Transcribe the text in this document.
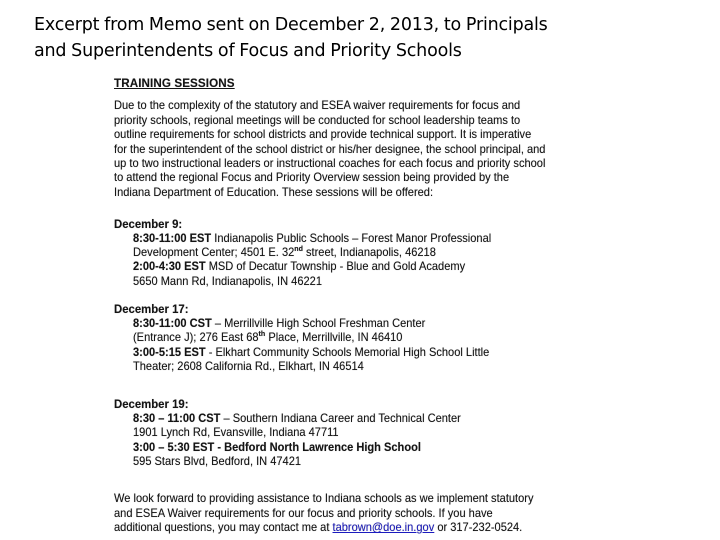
Excerpt from Memo sent on December 2, 2013, to Principals
and Superintendents of Focus and Priority Schools
TRAINING SESSIONS
Due to the complexity of the statutory and ESEA waiver requirements for focus and
priority schools, regional meetings will be conducted for school leadership teams to
outline requirements for school districts and provide technical support. It is imperative
for the superintendent of the school district or his/her designee, the school principal, and
up to two instructional leaders or instructional coaches for each focus and priority school
to attend the regional Focus and Priority Overview session being provided by the
Indiana Department of Education. These sessions will be offered:
December 9:
8:30-11:00 EST Indianapolis Public Schools – Forest Manor Professional
Development Center; 4501 E. 32nd street, Indianapolis, 46218
2:00-4:30 EST MSD of Decatur Township - Blue and Gold Academy
5650 Mann Rd, Indianapolis, IN 46221
December 17:
8:30-11:00 CST – Merrillville High School Freshman Center
(Entrance J); 276 East 68th Place, Merrillville, IN 46410
3:00-5:15 EST - Elkhart Community Schools Memorial High School Little
Theater; 2608 California Rd., Elkhart, IN 46514
December 19:
8:30 – 11:00 CST – Southern Indiana Career and Technical Center
1901 Lynch Rd, Evansville, Indiana 47711
3:00 – 5:30 EST - Bedford North Lawrence High School
595 Stars Blvd, Bedford, IN 47421
We look forward to providing assistance to Indiana schools as we implement statutory
and ESEA Waiver requirements for our focus and priority schools. If you have
additional questions, you may contact me at tabrown@doe.in.gov or 317-232-0524.
